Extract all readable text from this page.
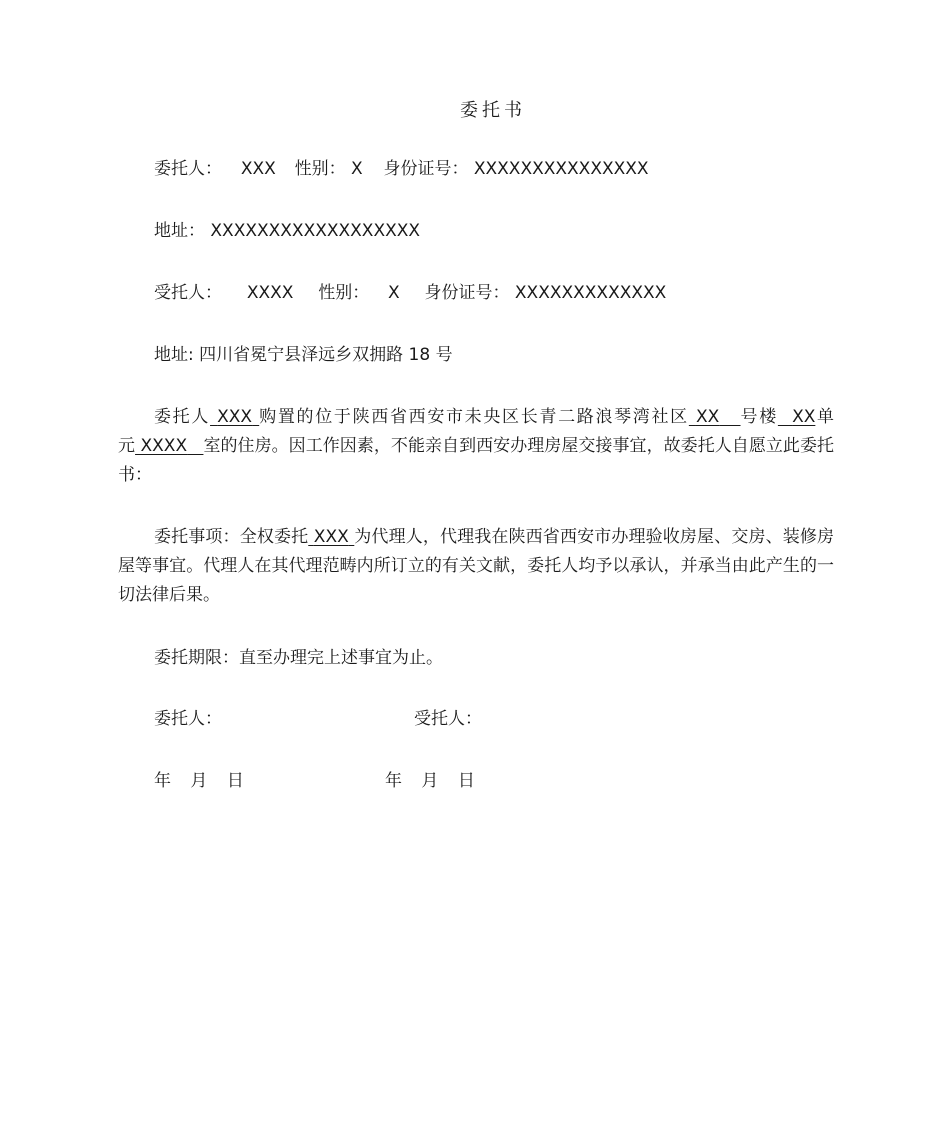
委托书
委托人： XXX 性别： X 身份证号： XXXXXXXXXXXXXXX
地址： XXXXXXXXXXXXXXXXXX
受托人： XXXX 性别： X 身份证号： XXXXXXXXXXXXX
地址: 四川省冕宁县泽远乡双拥路 18 号
委托人 XXX 购置的位于陕西省西安市未央区长青二路浪琴湾社区 XX 号楼 XX单元 XXXX 室的住房。因工作因素，不能亲自到西安办理房屋交接事宜，故委托人自愿立此委托书：
委托事项：全权委托 XXX 为代理人，代理我在陕西省西安市办理验收房屋、交房、装修房屋等事宜。代理人在其代理范畴内所订立的有关文献，委托人均予以承认，并承当由此产生的一切法律后果。
委托期限：直至办理完上述事宜为止。
委托人：	受托人：
年 月 日	年 月 日
